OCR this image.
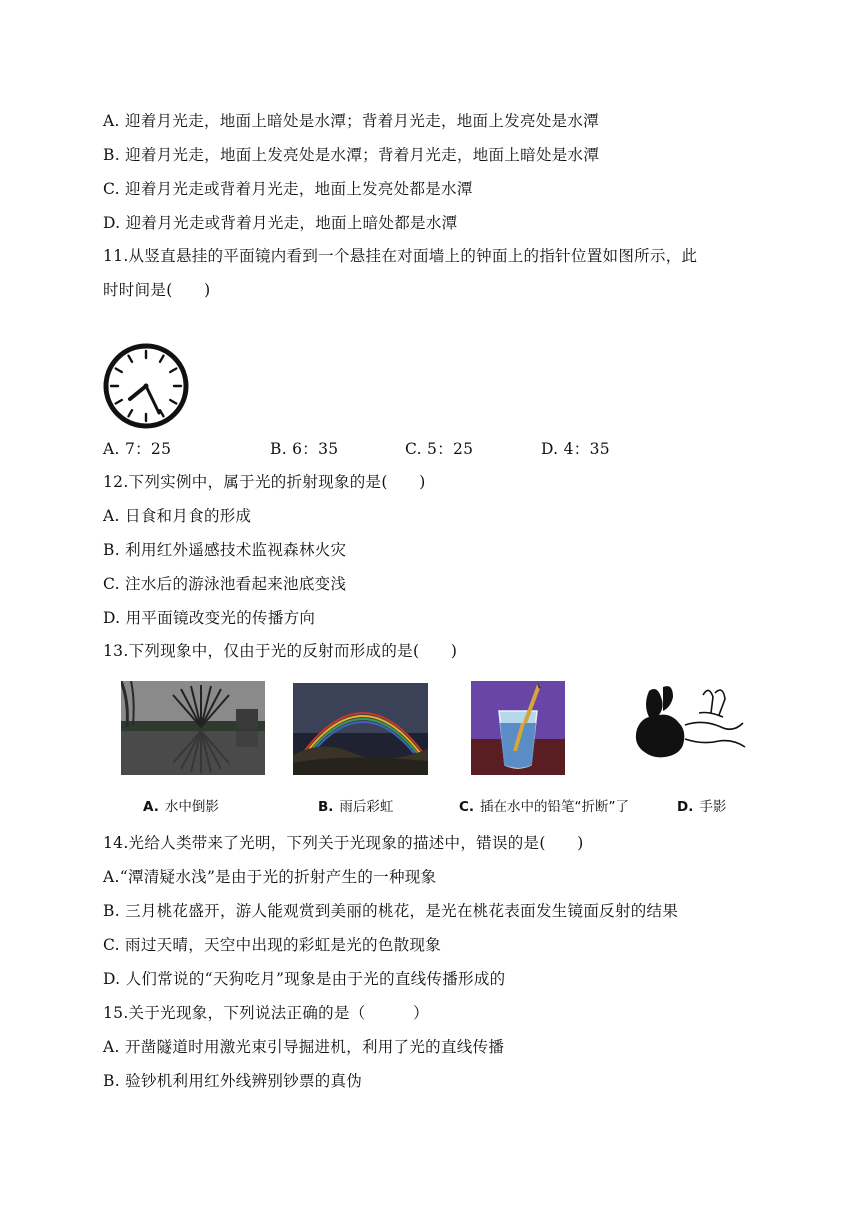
A. 迎着月光走，地面上暗处是水潭；背着月光走，地面上发亮处是水潭
B. 迎着月光走，地面上发亮处是水潭；背着月光走，地面上暗处是水潭
C. 迎着月光走或背着月光走，地面上发亮处都是水潭
D. 迎着月光走或背着月光走，地面上暗处都是水潭
11.从竖直悬挂的平面镜内看到一个悬挂在对面墙上的钟面上的指针位置如图所示，此
时时间是(　　)
A. 7：25	B. 6：35	C. 5：25	D. 4：35
12.下列实例中，属于光的折射现象的是(　　)
A. 日食和月食的形成
B. 利用红外遥感技术监视森林火灾
C. 注水后的游泳池看起来池底变浅
D. 用平面镜改变光的传播方向
13.下列现象中，仅由于光的反射而形成的是(　　)
A. 水中倒影	B. 雨后彩虹	C. 插在水中的铅笔“折断”了	D. 手影
14.光给人类带来了光明，下列关于光现象的描述中，错误的是(　　)
A.“潭清疑水浅”是由于光的折射产生的一种现象
B. 三月桃花盛开，游人能观赏到美丽的桃花，是光在桃花表面发生镜面反射的结果
C. 雨过天晴，天空中出现的彩虹是光的色散现象
D. 人们常说的“天狗吃月”现象是由于光的直线传播形成的
15.关于光现象，下列说法正确的是（　　　）
A. 开凿隧道时用激光束引导掘进机，利用了光的直线传播
B. 验钞机利用红外线辨别钞票的真伪
